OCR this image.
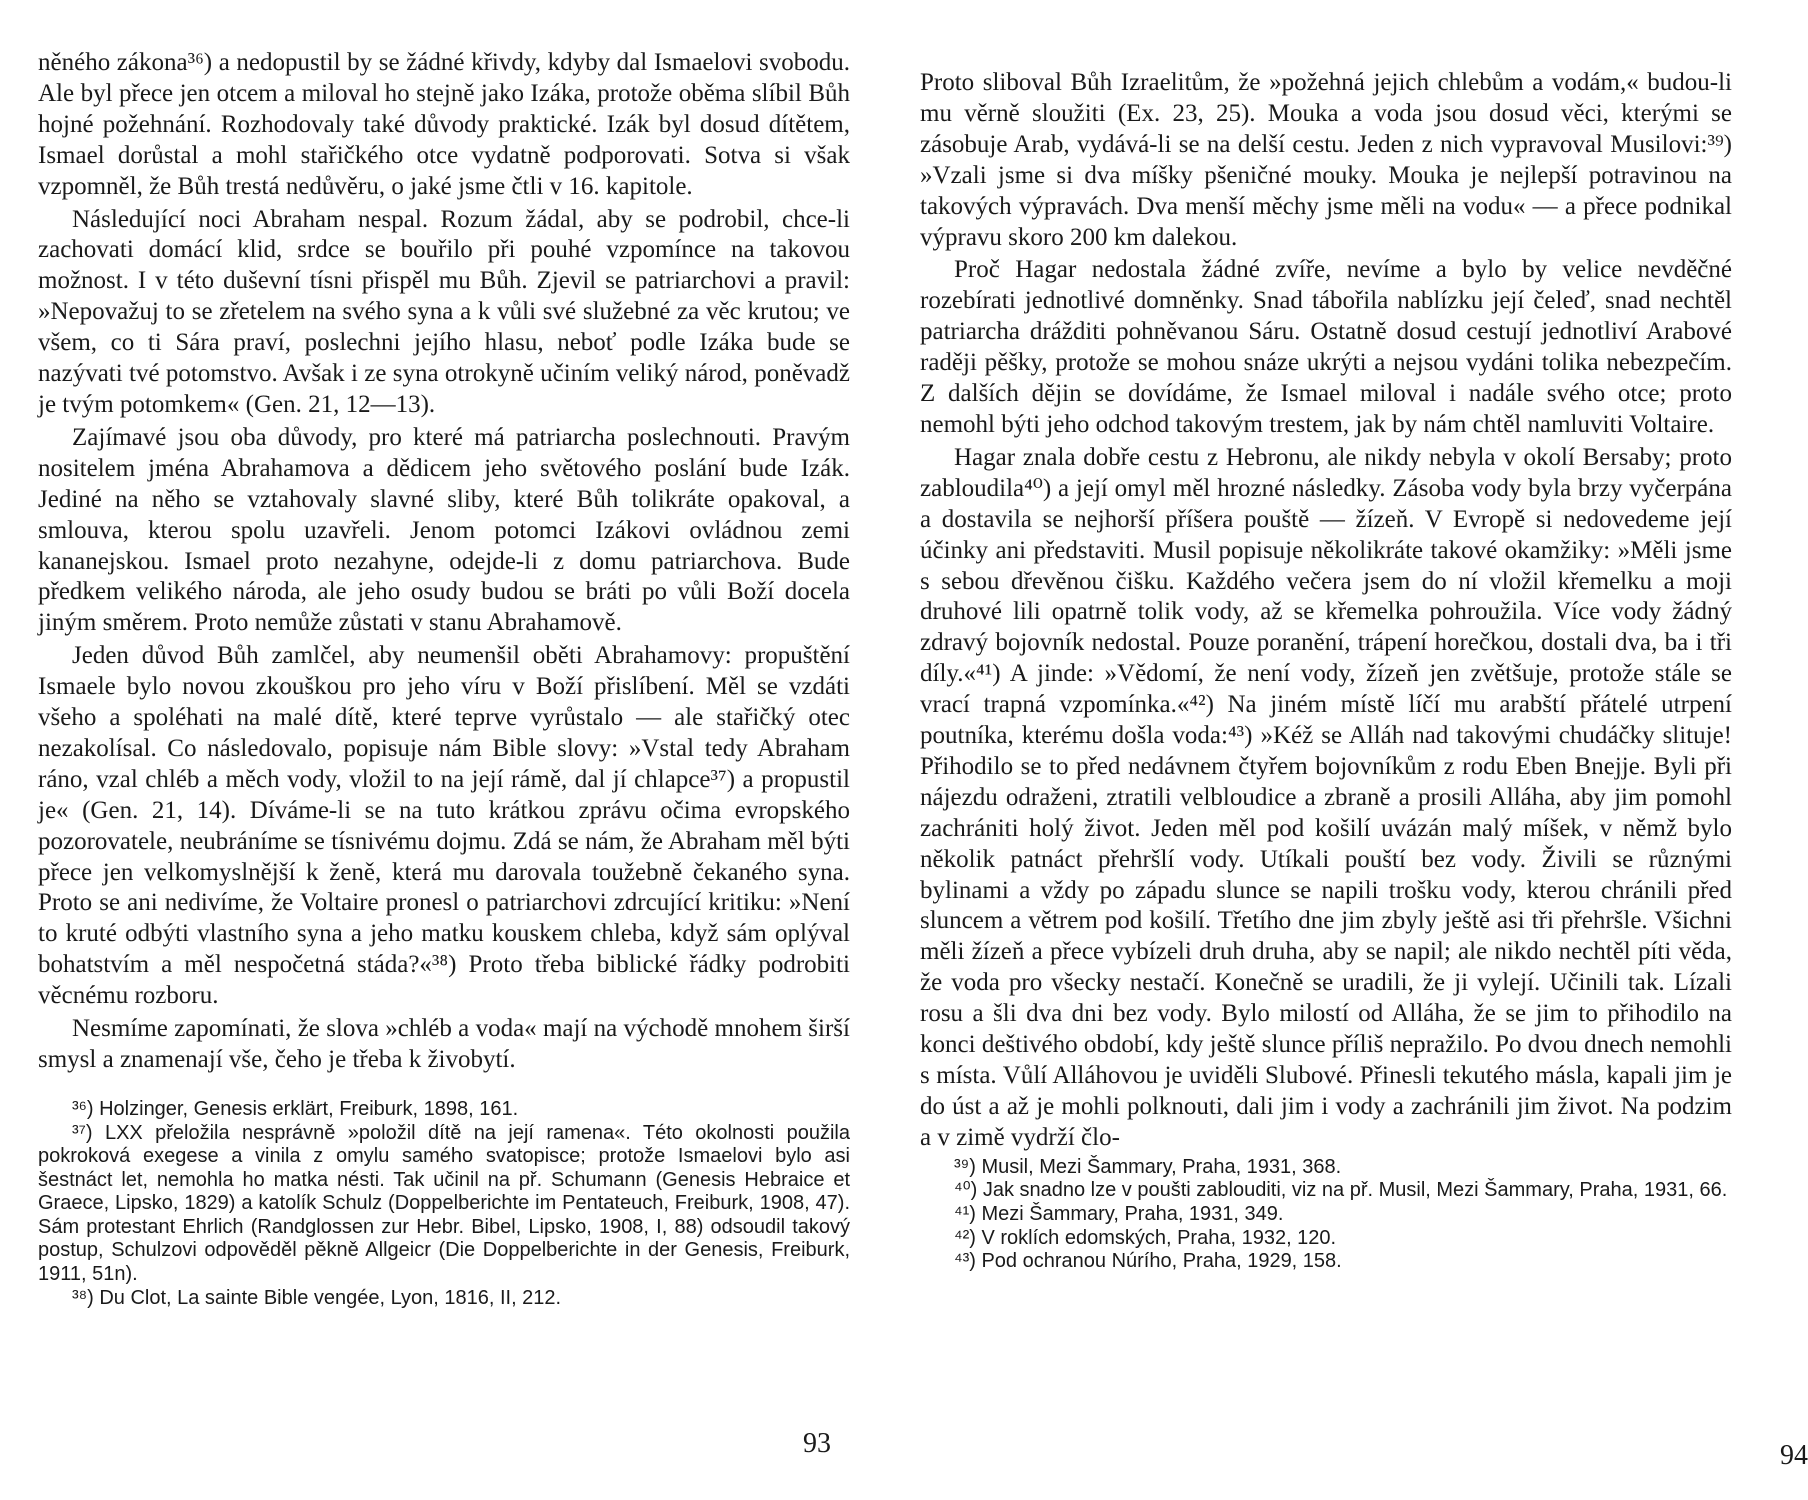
něného zákona³⁶) a nedopustil by se žádné křivdy, kdyby dal Ismaelovi svobodu. Ale byl přece jen otcem a miloval ho stejně jako Izáka, protože oběma slíbil Bůh hojné požehnání. Rozhodovaly také důvody praktické. Izák byl dosud dítětem, Ismael dorůstal a mohl stařičkého otce vydatně podporovati. Sotva si však vzpomněl, že Bůh trestá nedůvěru, o jaké jsme čtli v 16. kapitole.

Následující noci Abraham nespal. Rozum žádal, aby se podrobil, chce-li zachovati domácí klid, srdce se bouřilo při pouhé vzpomínce na takovou možnost. I v této duševní tísni přispěl mu Bůh. Zjevil se patriarchovi a pravil: »Nepovažuj to se zřetelem na svého syna a k vůli své služebné za věc krutou; ve všem, co ti Sára praví, poslechni jejího hlasu, neboť podle Izáka bude se nazývati tvé potomstvo. Avšak i ze syna otrokyně učiním veliký národ, poněvadž je tvým potomkem« (Gen. 21, 12—13).

Zajímavé jsou oba důvody, pro které má patriarcha poslechnouti. Pravým nositelem jména Abrahamova a dědicem jeho světového poslání bude Izák. Jediné na něho se vztahovaly slavné sliby, které Bůh tolikráte opakoval, a smlouva, kterou spolu uzavřeli. Jenom potomci Izákovi ovládnou zemi kananejskou. Ismael proto nezahyne, odejde-li z domu patriarchova. Bude předkem velikého národa, ale jeho osudy budou se bráti po vůli Boží docela jiným směrem. Proto nemůže zůstati v stanu Abrahamově.

Jeden důvod Bůh zamlčel, aby neumenšil oběti Abrahamovy: propuštění Ismaele bylo novou zkouškou pro jeho víru v Boží přislíbení. Měl se vzdáti všeho a spoléhati na malé dítě, které teprve vyrůstalo — ale stařičký otec nezakolísal. Co následovalo, popisuje nám Bible slovy: »Vstal tedy Abraham ráno, vzal chléb a měch vody, vložil to na její rámě, dal jí chlapce³⁷) a propustil je« (Gen. 21, 14). Díváme-li se na tuto krátkou zprávu očima evropského pozorovatele, neubráníme se tísnivému dojmu. Zdá se nám, že Abraham měl býti přece jen velkomyslnější k ženě, která mu darovala toužebně čekaného syna. Proto se ani nedivíme, že Voltaire pronesl o patriarchovi zdrcující kritiku: »Není to kruté odbýti vlastního syna a jeho matku kouskem chleba, když sám oplýval bohatstvím a měl nespočetná stáda?«³⁸) Proto třeba biblické řádky podrobiti věcnému rozboru.

Nesmíme zapomínati, že slova »chléb a voda« mají na východě mnohem širší smysl a znamenají vše, čeho je třeba k živobytí.

³⁶) Holzinger, Genesis erklärt, Freiburk, 1898, 161.

³⁷) LXX přeložila nesprávně »položil dítě na její ramena«. Této okolnosti použila pokroková exegese a vinila z omylu samého svatopisce; protože Ismaelovi bylo asi šestnáct let, nemohla ho matka nésti. Tak učinil na př. Schumann (Genesis Hebraice et Graece, Lipsko, 1829) a katolík Schulz (Doppelberichte im Pentateuch, Freiburk, 1908, 47). Sám protestant Ehrlich (Randglossen zur Hebr. Bibel, Lipsko, 1908, I, 88) odsoudil takový postup, Schulzovi odpověděl pěkně Allgeicr (Die Doppelberichte in der Genesis, Freiburk, 1911, 51n).

³⁸) Du Clot, La sainte Bible vengée, Lyon, 1816, II, 212.

93

Proto sliboval Bůh Izraelitům, že »požehná jejich chlebům a vodám,« budou-li mu věrně sloužiti (Ex. 23, 25). Mouka a voda jsou dosud věci, kterými se zásobuje Arab, vydává-li se na delší cestu. Jeden z nich vypravoval Musilovi:³⁹) »Vzali jsme si dva míšky pšeničné mouky. Mouka je nejlepší potravinou na takových výpravách. Dva menší měchy jsme měli na vodu« — a přece podnikal výpravu skoro 200 km dalekou.

Proč Hagar nedostala žádné zvíře, nevíme a bylo by velice nevděčné rozebírati jednotlivé domněnky. Snad tábořila nablízku její čeleď, snad nechtěl patriarcha drážditi pohněvanou Sáru. Ostatně dosud cestují jednotliví Arabové raději pěšky, protože se mohou snáze ukrýti a nejsou vydáni tolika nebezpečím. Z dalších dějin se dovídáme, že Ismael miloval i nadále svého otce; proto nemohl býti jeho odchod takovým trestem, jak by nám chtěl namluviti Voltaire.

Hagar znala dobře cestu z Hebronu, ale nikdy nebyla v okolí Bersaby; proto zabloudila⁴⁰) a její omyl měl hrozné následky. Zásoba vody byla brzy vyčerpána a dostavila se nejhorší příšera pouště — žízeň. V Evropě si nedovedeme její účinky ani představiti. Musil popisuje několikráte takové okamžiky: »Měli jsme s sebou dřevěnou čišku. Každého večera jsem do ní vložil křemelku a moji druhové lili opatrně tolik vody, až se křemelka pohroužila. Více vody žádný zdravý bojovník nedostal. Pouze poranění, trápení horečkou, dostali dva, ba i tři díly.«⁴¹) A jinde: »Vědomí, že není vody, žízeň jen zvětšuje, protože stále se vrací trapná vzpomínka.«⁴²) Na jiném místě líčí mu arabští přátelé utrpení poutníka, kterému došla voda:⁴³) »Kéž se Alláh nad takovými chudáčky slituje! Přihodilo se to před nedávnem čtyřem bojovníkům z rodu Eben Bnejje. Byli při nájezdu odraženi, ztratili velbloudice a zbraně a prosili Alláha, aby jim pomohl zachrániti holý život. Jeden měl pod košilí uvázán malý míšek, v němž bylo několik patnáct přehršlí vody. Utíkali pouští bez vody. Živili se různými bylinami a vždy po západu slunce se napili trošku vody, kterou chránili před sluncem a větrem pod košilí. Třetího dne jim zbyly ještě asi tři přehršle. Všichni měli žízeň a přece vybízeli druh druha, aby se napil; ale nikdo nechtěl píti věda, že voda pro všecky nestačí. Konečně se uradili, že ji vylejí. Učinili tak. Lízali rosu a šli dva dni bez vody. Bylo milostí od Alláha, že se jim to přihodilo na konci deštivého období, kdy ještě slunce příliš nepražilo. Po dvou dnech nemohli s místa. Vůlí Alláhovou je uviděli Slubové. Přinesli tekutého másla, kapali jim je do úst a až je mohli polknouti, dali jim i vody a zachránili jim život. Na podzim a v zimě vydrží člo-

³⁹) Musil, Mezi Šammary, Praha, 1931, 368.

⁴⁰) Jak snadno lze v poušti zablouditi, viz na př. Musil, Mezi Šammary, Praha, 1931, 66.

⁴¹) Mezi Šammary, Praha, 1931, 349.

⁴²) V roklích edomských, Praha, 1932, 120.

⁴³) Pod ochranou Núrího, Praha, 1929, 158.

94
